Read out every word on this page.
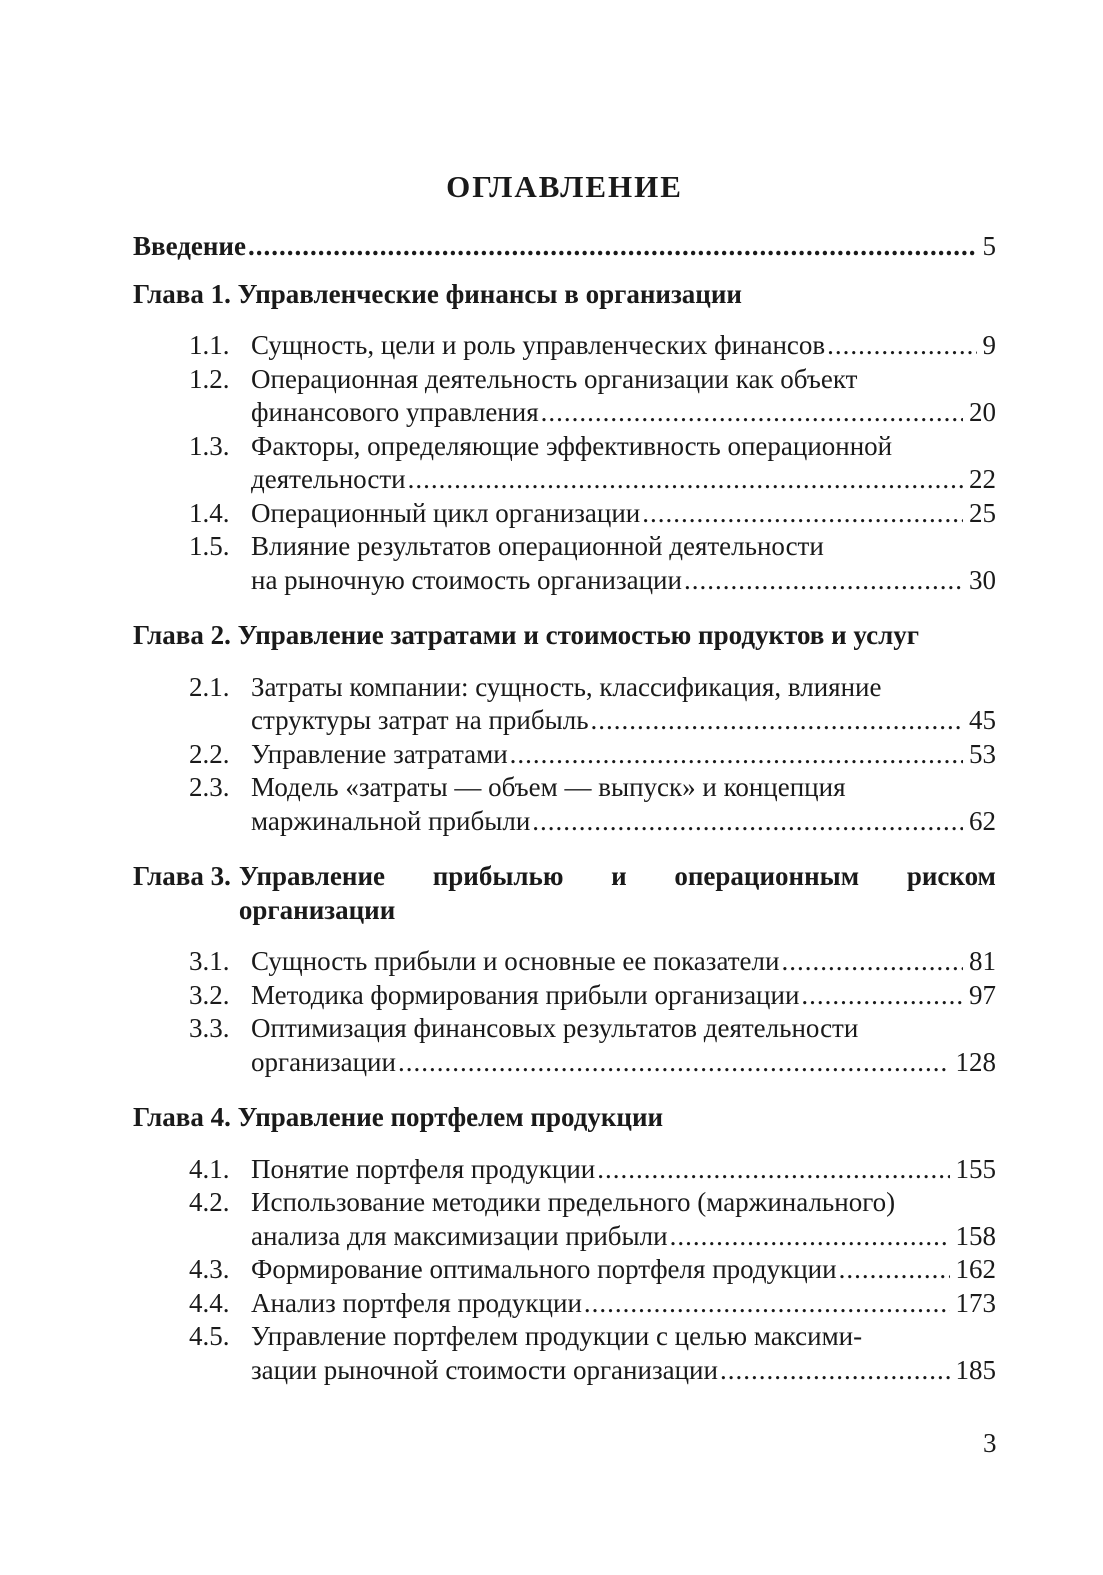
ОГЛАВЛЕНИЕ
Введение .....	5
Глава 1. Управленческие финансы в организации
1.1. Сущность, цели и роль управленческих финансов .....	9
1.2. Операционная деятельность организации как объект
финансового управления .....	20
1.3. Факторы, определяющие эффективность операционной
деятельности .....	22
1.4. Операционный цикл организации .....	25
1.5. Влияние результатов операционной деятельности
на рыночную стоимость организации .....	30
Глава 2. Управление затратами и стоимостью продуктов и услуг
2.1. Затраты компании: сущность, классификация, влияние
структуры затрат на прибыль .....	45
2.2. Управление затратами .....	53
2.3. Модель «затраты — объем — выпуск» и концепция
маржинальной прибыли .....	62
Глава 3. Управление прибылью и операционным риском
организации
3.1. Сущность прибыли и основные ее показатели .....	81
3.2. Методика формирования прибыли организации .....	97
3.3. Оптимизация финансовых результатов деятельности
организации .....	128
Глава 4. Управление портфелем продукции
4.1. Понятие портфеля продукции .....	155
4.2. Использование методики предельного (маржинального)
анализа для максимизации прибыли .....	158
4.3. Формирование оптимального портфеля продукции .....	162
4.4. Анализ портфеля продукции .....	173
4.5. Управление портфелем продукции с целью максими-
зации рыночной стоимости организации .....	185
3
